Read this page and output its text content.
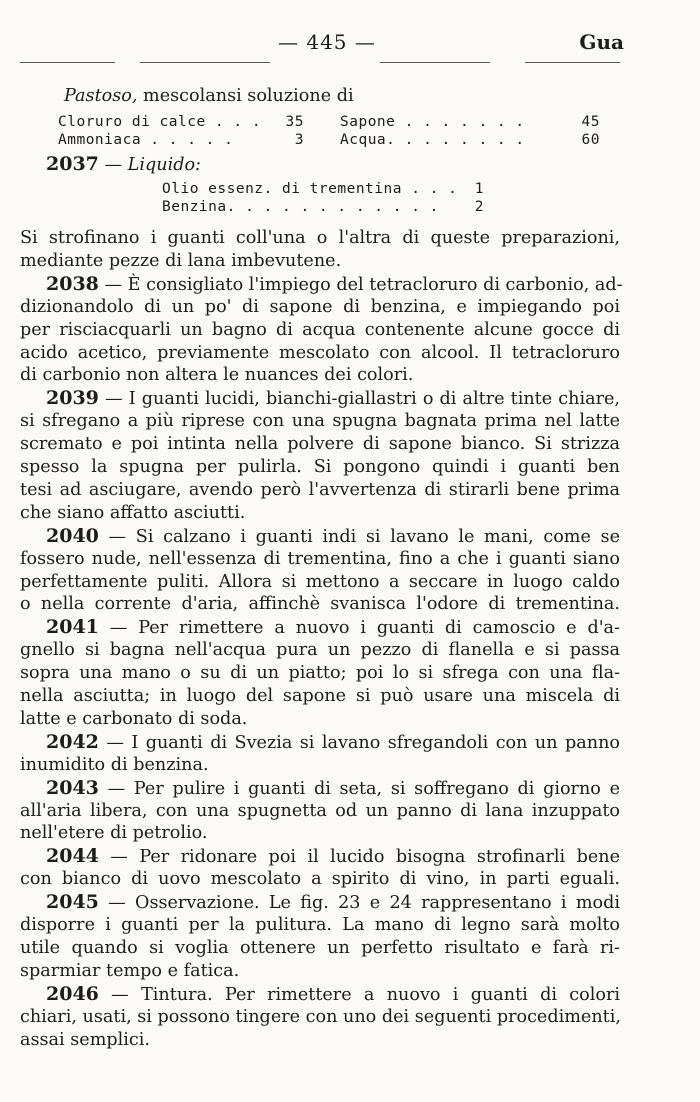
— 445 —	Gua
Pastoso, mescolansi soluzione di
Cloruro di calce . . .	35 Sapone . . . . . . .	45
Ammoniaca . . . . .	3 Acqua. . . . . . . .	60
2037 — Liquido:
Olio essenz. di trementina . . .	1
Benzina. . . . . . . . . . . .	2
Si strofinano i guanti coll'una o l'altra di queste preparazioni,
mediante pezze di lana imbevutene.
2038 — È consigliato l'impiego del tetracloruro di carbonio, ad-
dizionandolo di un po' di sapone di benzina, e impiegando poi
per risciacquarli un bagno di acqua contenente alcune gocce di
acido acetico, previamente mescolato con alcool. Il tetracloruro
di carbonio non altera le nuances dei colori.
2039 — I guanti lucidi, bianchi-giallastri o di altre tinte chiare,
si sfregano a più riprese con una spugna bagnata prima nel latte
scremato e poi intinta nella polvere di sapone bianco. Si strizza
spesso la spugna per pulirla. Si pongono quindi i guanti ben
tesi ad asciugare, avendo però l'avvertenza di stirarli bene prima
che siano affatto asciutti.
2040 — Si calzano i guanti indi si lavano le mani, come se
fossero nude, nell'essenza di trementina, fino a che i guanti siano
perfettamente puliti. Allora si mettono a seccare in luogo caldo
o nella corrente d'aria, affinchè svanisca l'odore di trementina.
2041 — Per rimettere a nuovo i guanti di camoscio e d'a-
gnello si bagna nell'acqua pura un pezzo di flanella e si passa
sopra una mano o su di un piatto; poi lo si sfrega con una fla-
nella asciutta; in luogo del sapone si può usare una miscela di
latte e carbonato di soda.
2042 — I guanti di Svezia si lavano sfregandoli con un panno
inumidito di benzina.
2043 — Per pulire i guanti di seta, si soffregano di giorno e
all'aria libera, con una spugnetta od un panno di lana inzuppato
nell'etere di petrolio.
2044 — Per ridonare poi il lucido bisogna strofinarli bene
con bianco di uovo mescolato a spirito di vino, in parti eguali.
2045 — Osservazione. Le fig. 23 e 24 rappresentano i modi
disporre i guanti per la pulitura. La mano di legno sarà molto
utile quando si voglia ottenere un perfetto risultato e farà ri-
sparmiar tempo e fatica.
2046 — Tintura. Per rimettere a nuovo i guanti di colori
chiari, usati, si possono tingere con uno dei seguenti procedimenti,
assai semplici.
